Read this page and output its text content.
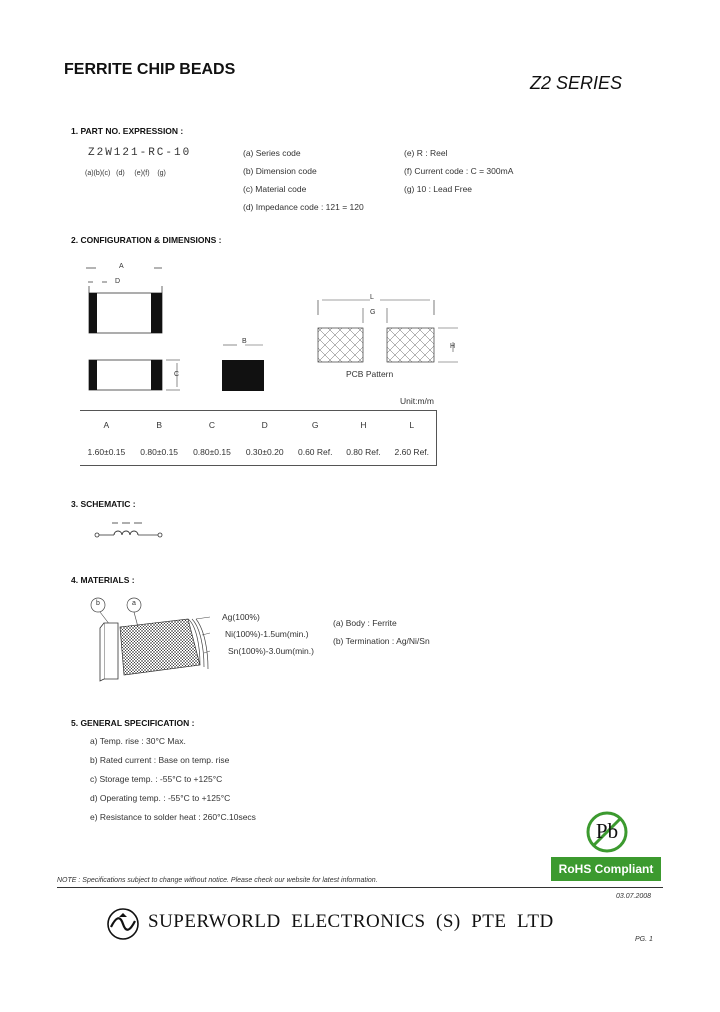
FERRITE CHIP BEADS
Z2 SERIES
1. PART NO. EXPRESSION :
Z2W121-RC-10
(a)(b)(c)   (d)     (e)(f)    (g)
(a) Series code
(b) Dimension code
(c) Material code
(d) Impedance code : 121 = 120
(e) R : Reel
(f) Current code : C = 300mA
(g) 10 : Lead Free
2. CONFIGURATION & DIMENSIONS :
A
D
C
B
L
G
H
PCB Pattern
Unit:m/m
A	B	C	D	G	H	L
1.60±0.15	0.80±0.15	0.80±0.15	0.30±0.20	0.60 Ref.	0.80 Ref.	2.60 Ref.
3. SCHEMATIC :
4. MATERIALS :
b	a
Ag(100%)
Ni(100%)-1.5um(min.)
Sn(100%)-3.0um(min.)
(a) Body : Ferrite
(b) Termination : Ag/Ni/Sn
5. GENERAL SPECIFICATION :
a) Temp. rise : 30°C Max.
b) Rated current : Base on temp. rise
c) Storage temp. : -55°C to +125°C
d) Operating temp. : -55°C to +125°C
e) Resistance to solder heat : 260°C.10secs
Pb
RoHS Compliant
NOTE : Specifications subject to change without notice. Please check our website for latest information.
03.07.2008
SUPERWORLD  ELECTRONICS  (S)  PTE  LTD
PG. 1
